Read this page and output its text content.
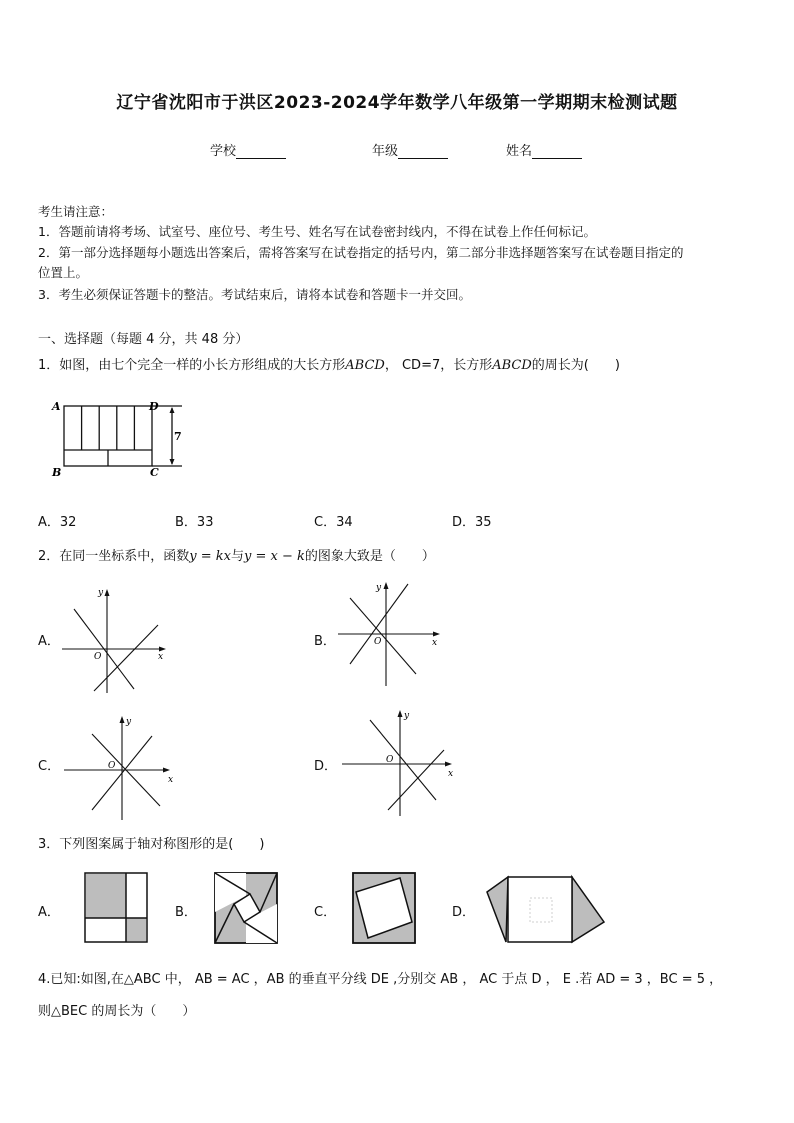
辽宁省沈阳市于洪区2023-2024学年数学八年级第一学期期末检测试题
学校	年级	姓名
考生请注意：
1．答题前请将考场、试室号、座位号、考生号、姓名写在试卷密封线内，不得在试卷上作任何标记。
2．第一部分选择题每小题选出答案后，需将答案写在试卷指定的括号内，第二部分非选择题答案写在试卷题目指定的
位置上。
3．考生必须保证答题卡的整洁。考试结束后，请将本试卷和答题卡一并交回。
一、选择题（每题 4 分，共 48 分）
1．如图，由七个完全一样的小长方形组成的大长方形ABCD， CD=7，长方形ABCD的周长为(　　)
A	D
B	C
7
A．32	B．33	C．34	D．35
2．在同一坐标系中，函数y = kx与y = x − k的图象大致是（　　）
A．
x
y
O
B．	x
y
O
C．
x
y
O	D．	x
y
O
3．下列图案属于轴对称图形的是(　　)
A．	B．	C．	D．
4.已知:如图,在△ABC 中， AB = AC ，AB 的垂直平分线 DE ,分别交 AB ， AC 于点 D ， E .若 AD = 3 ，BC = 5 ，
则△BEC 的周长为（　　）
